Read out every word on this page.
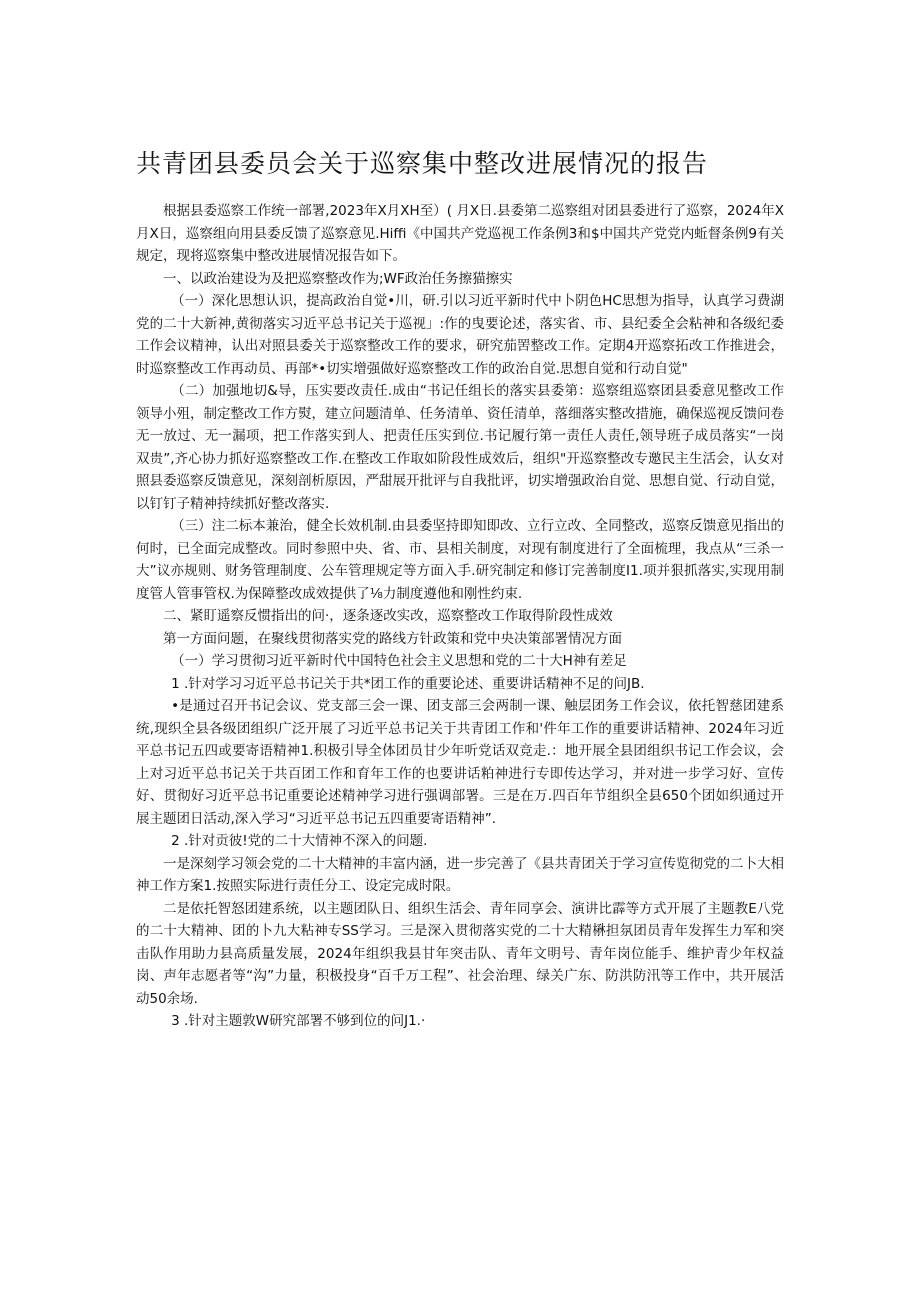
共青团县委员会关于巡察集中整改进展情况的报告

根据县委巡察工作统一部署,2023年X月XH至）( 月X日.县委第二巡察组对团县委进行了巡察，2024年X月X日，巡察组向用县委反馈了巡察意见.Hiffi《中国共产党巡视工作条例3和$中国共产党党内蚯督条例9有关规定，现将巡察集中整改进展情况报告如下。

一、以政治建设为及把巡察整改作为;WF政治任务擦猫擦实

（一）深化思想认识，提高政治自觉•川，研.引以习近平新时代中卜阴色HC思想为指导，认真学习费湖党的二十大新神,黄彻落实习近平总书记关于巡视」:作的曳要论述，落实省、市、县纪委全会粘神和各级纪委工作会议精神，认出对照县委关于巡察整改工作的要求，研究茄罟整改工作。定期4开巡察拓改工作推进会，时巡察整改工作再动员、再部*•切实增强做好巡察整改工作的政治自觉.思想自觉和行动自觉"

（二）加强地切&导，压实要改责任.成由“书记任组长的落实县委第：巡察组巡察团县委意见整改工作领导小殂，制定整改工作方熨，建立问题清单、任务清单、资任清单，落细落实整改措施，确保巡视反馈问卷无一放过、无一漏项，把工作落实到人、把责任压实到位.书记履行第一责任人责任,领导班子成员落实“一岗双贵”,齐心协力抓好巡察整改工作.在整改工作取如阶段性成效后，组织"开巡察整改专邀民主生活会，认女对照县委巡察反馈意见，深刻剖析原因，严甜展开批评与自我批评，切实增强政治自觉、思想自觉、行动自觉，以钉钉子精神持续抓好整改落实.

（三）注二标本兼治，健全长效机制.由县委坚持即知即改、立行立改、全同整改，巡察反馈意见指出的何时，已全面完成整改。同时参照中央、省、市、县相关制度，对现有制度进行了全面梳理，我点从“三杀一大”议亦规则、财务管理制度、公车管理规定等方面入手.研究制定和修订完善制度I1.项并狠抓落实,实现用制度管人管事管权.为保障整改成效提供了⅛力制度遵他和刚性约束.

二、紧盯遥察反惯指出的问·，逐条逐改实改，巡察整改工作取得阶段性成效

第一方面问题，在聚线贯彻落实党的路线方针政策和党中央决策部署情况方面

（一）学习贯彻习近平新时代中国特色社会主义思想和党的二十大H神有差足

1 .针对学习习近平总书记关于共*团工作的重要论述、重要讲话精神不足的问JB.

•是通过召开书记会议、党支部三会一课、团支部三会两制一课、触层团务工作会议，依托智慈团建系统,现织全县各级团组织广泛开展了习近平总书记关于共青团工作和'件年工作的重要讲话精神、2024年习近平总书记五四或要寄语精神1.积极引导全体团员甘少年听党话双竞走.：地开展全县团组织书记工作会议，会上对习近平总书记关于共百团工作和育年工作的也要讲话粕神进行专即传达学习，并对进一步学习好、宣传好、贯彻好习近平总书记重要论述精神学习进行强调部署。三是在万.四百年节组织全县650个团如织通过开展主题团日活动,深入学习“习近平总书记五四重要寄语精神”.

2 .针对贡彼!党的二十大情神不深入的问题.

一是深刻学习领会党的二十大精神的丰富内涵，进一步完善了《县共青团关于学习宣传览彻党的二卜大相神工作方案1.按照实际进行责任分工、设定完成时限。

二是依托智怒团建系统，以主题团队日、组织生活会、青年同享会、演讲比霹等方式开展了主题教E八党的二十大精神、团的卜九大粘神专SS学习。三是深入贯彻落实党的二十大精楙担氛团员青年发挥生力军和突击队作用助力县高质量发展，2024年组织我县甘年突击队、青年文明号、青年岗位能手、维护青少年权益岗、声年志愿者等“沟”力量，积极投身“百千万工程”、社会治理、绿关广东、防洪防汛等工作中，共开展活动50余场.

3 .针对主题敦W研究部署不够到位的问J1.·
